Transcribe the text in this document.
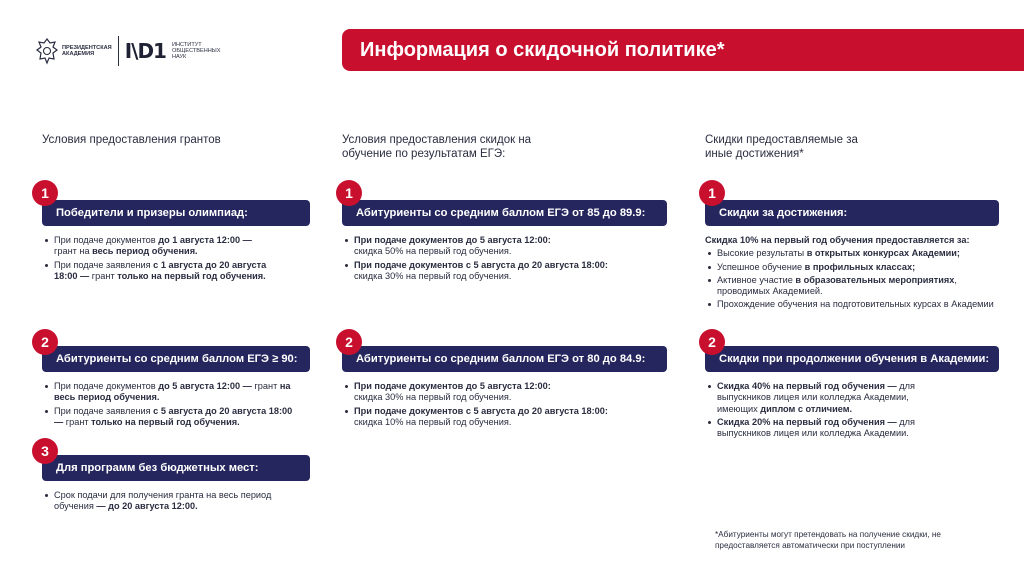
ПРЕЗИДЕНТСКАЯ
АКАДЕМИЯ	I\D1 ИНСТИТУТ
ОБЩЕСТВЕННЫХ
НАУК	Информация о скидочной политике*
Условия предоставления грантов	Условия предоставления скидок на обучение по результатам ЕГЭ:
Скидки предоставляемые за иные достижения*
1
Победители и призеры олимпиад:
При подаче документов до 1 августа 12:00 — грант на весь период обучения.
При подаче заявления с 1 августа до 20 августа 18:00 — грант только на первый год обучения.
2
Абитуриенты со средним баллом ЕГЭ ≥ 90:
При подаче документов до 5 августа 12:00 — грант на весь период обучения.
При подаче заявления с 5 августа до 20 августа 18:00 — грант только на первый год обучения.
3
Для программ без бюджетных мест:
Срок подачи для получения гранта на весь период обучения — до 20 августа 12:00.
1
Абитуриенты со средним баллом ЕГЭ от 85 до 89.9:
При подаче документов до 5 августа 12:00:
скидка 50% на первый год обучения.
При подаче документов с 5 августа до 20 августа 18:00:
скидка 30% на первый год обучения.
2
Абитуриенты со средним баллом ЕГЭ от 80 до 84.9:
При подаче документов до 5 августа 12:00:
скидка 30% на первый год обучения.
При подаче документов с 5 августа до 20 августа 18:00:
скидка 10% на первый год обучения.
1
Скидки за достижения:

Скидка 10% на первый год обучения предоставляется за:

Высокие результаты в открытых конкурсах Академии;
Успешное обучение в профильных классах;
Активное участие в образовательных мероприятиях, проводимых Академией.
Прохождение обучения на подготовительных курсах в Академии
2
Скидки при продолжении обучения в Академии:
Скидка 40% на первый год обучения — для выпускников лицея или колледжа Академии, имеющих диплом с отличием.
Скидка 20% на первый год обучения — для выпускников лицея или колледжа Академии.
*Абитуриенты могут претендовать на получение скидки, не предоставляется автоматически при поступлении
